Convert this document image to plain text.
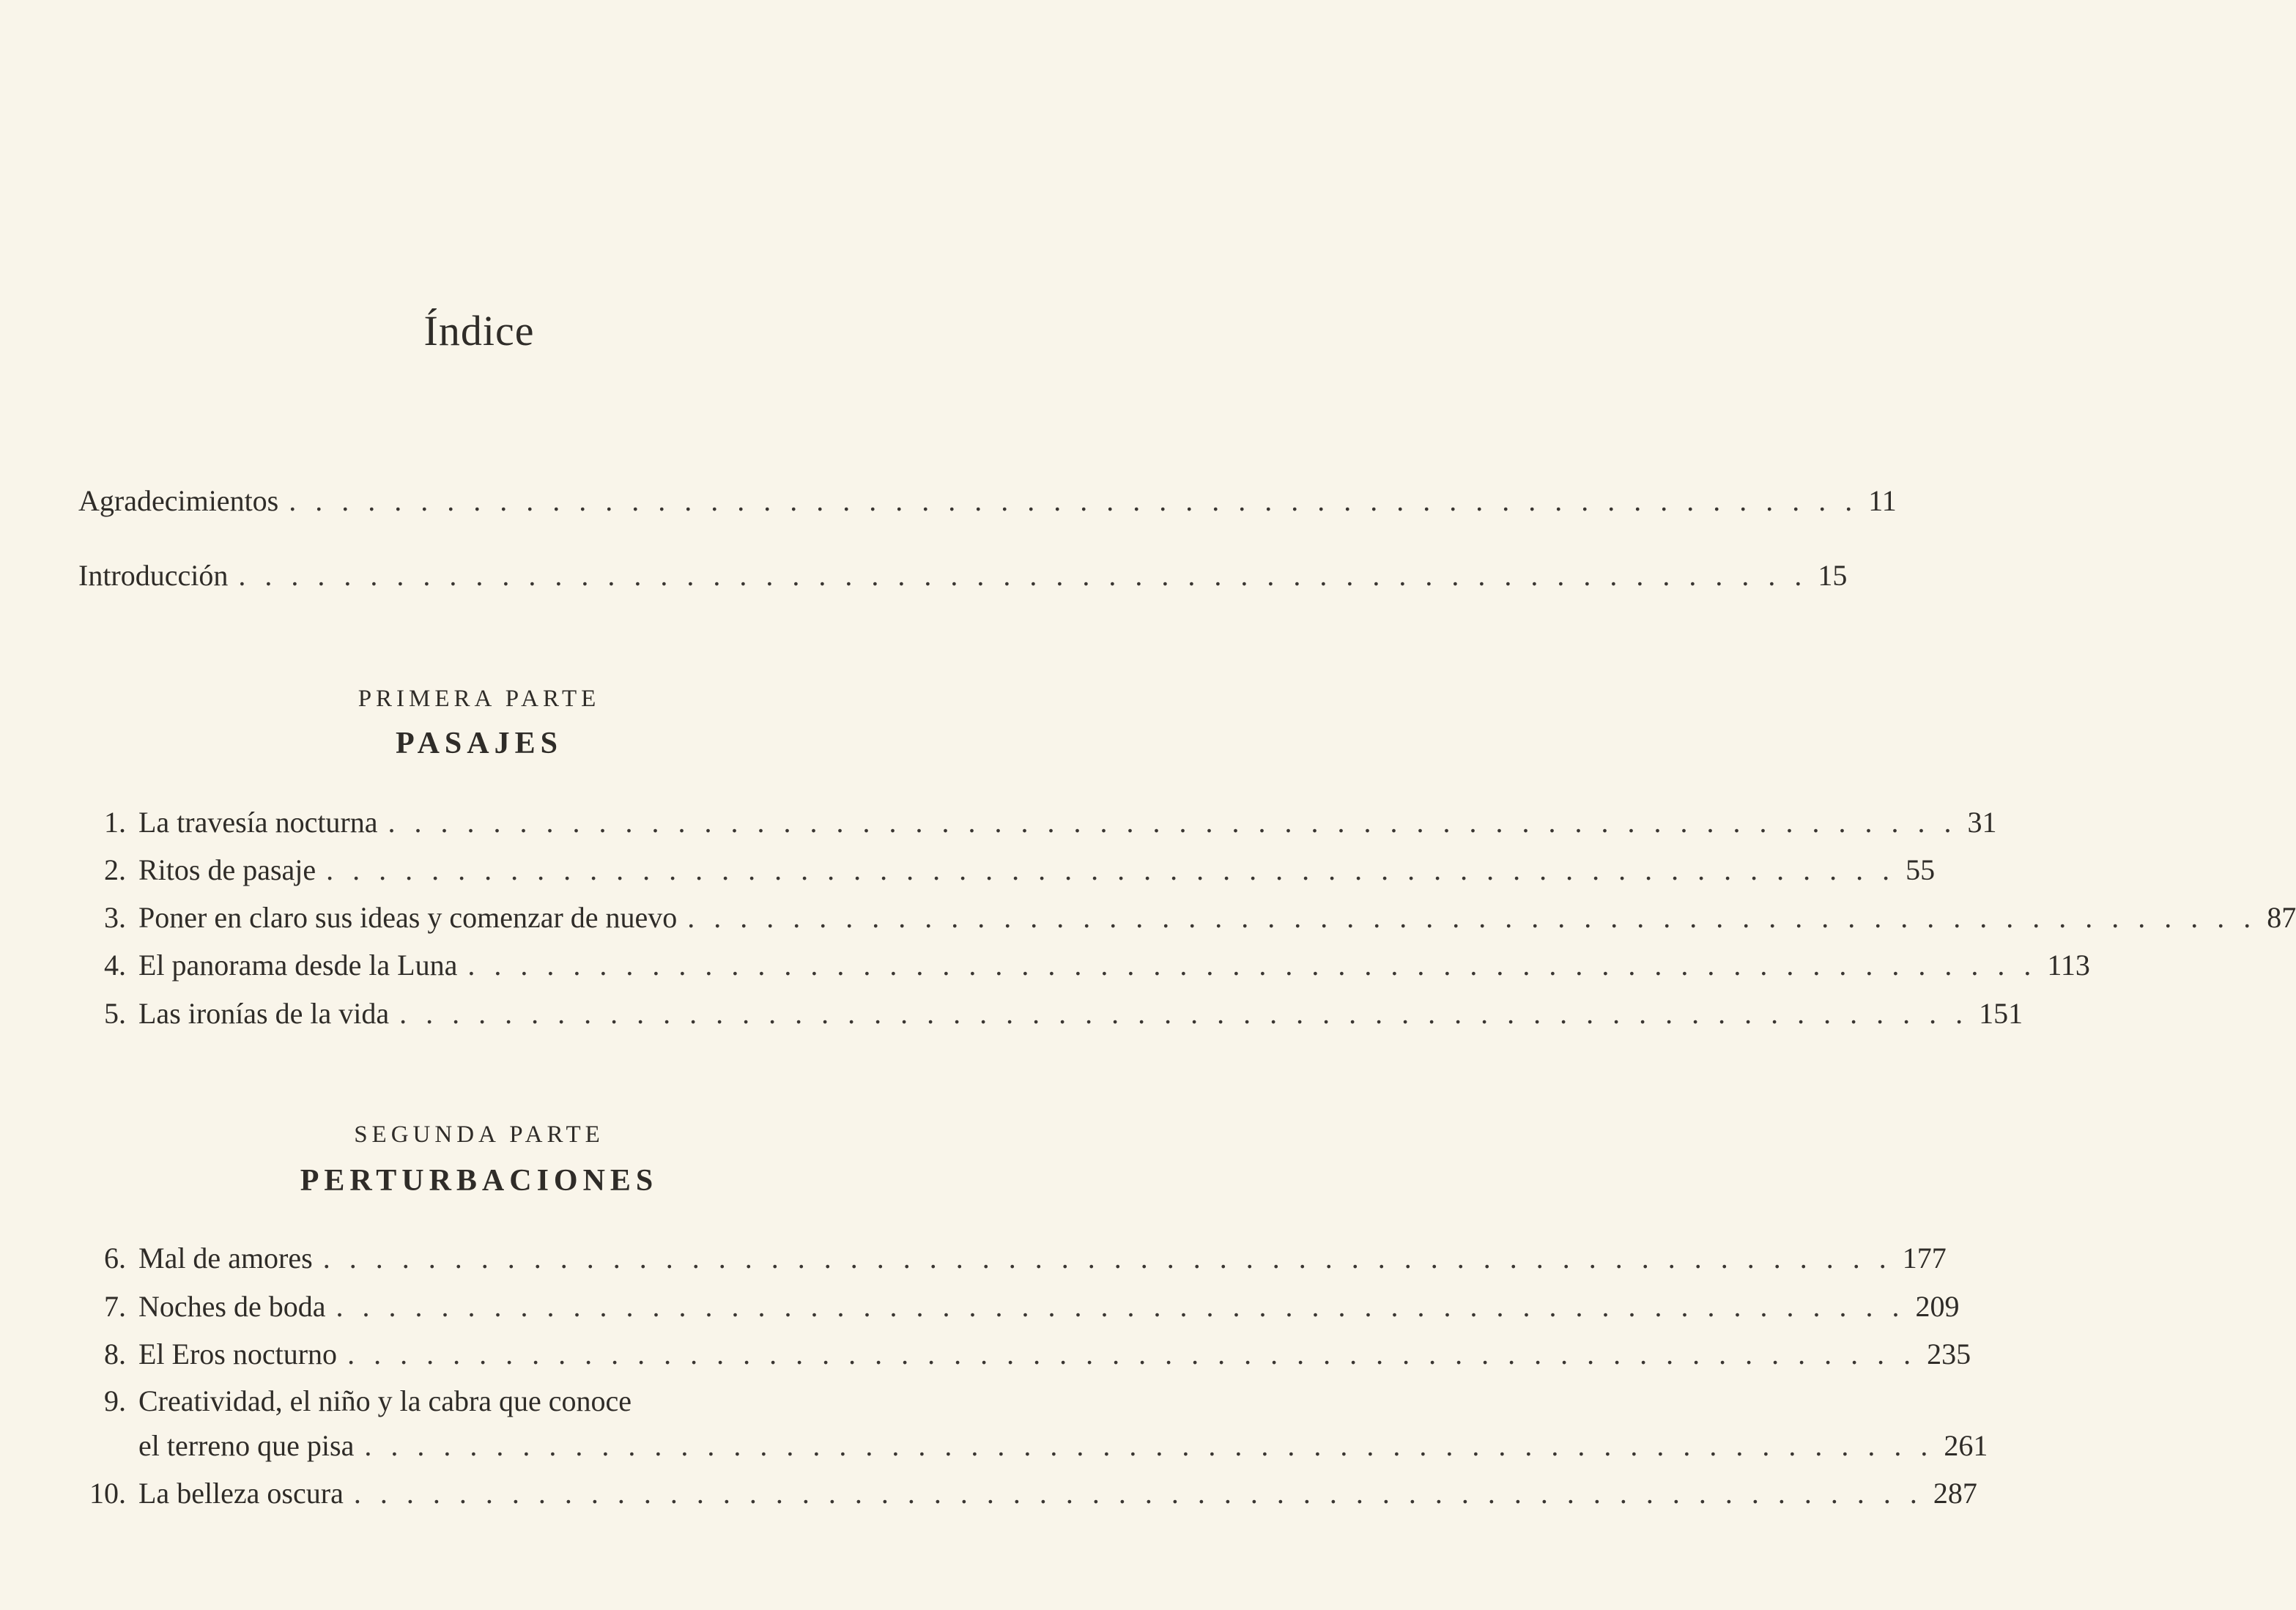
Índice
Agradecimientos . . . . . . . . . . . . . . . . . . . . . . . . . . . . . . . . . . . . . . . . . . . . . . . . . . . . . . . . . . . . 11
Introducción . . . . . . . . . . . . . . . . . . . . . . . . . . . . . . . . . . . . . . . . . . . . . . . . . . . . . . . . . . . . 15
PRIMERA PARTE
PASAJES
1. La travesía nocturna . . . . . . . . . . . . . . . . . . . . . . . . . . . . . . . . . . . . . . . . . . . . . . . . . . . . . . . . . . . . 31
2. Ritos de pasaje . . . . . . . . . . . . . . . . . . . . . . . . . . . . . . . . . . . . . . . . . . . . . . . . . . . . . . . . . . . . 55
3. Poner en claro sus ideas y comenzar de nuevo . . . . . . . . . . . . . . . . . . . . . . . . . . . . . . . . . . . . . . . . . . . . . . . . . . . . . . . . . . . . 87
4. El panorama desde la Luna . . . . . . . . . . . . . . . . . . . . . . . . . . . . . . . . . . . . . . . . . . . . . . . . . . . . . . . . . . . . 113
5. Las ironías de la vida . . . . . . . . . . . . . . . . . . . . . . . . . . . . . . . . . . . . . . . . . . . . . . . . . . . . . . . . . . . . 151
SEGUNDA PARTE
PERTURBACIONES
6. Mal de amores . . . . . . . . . . . . . . . . . . . . . . . . . . . . . . . . . . . . . . . . . . . . . . . . . . . . . . . . . . . . 177
7. Noches de boda . . . . . . . . . . . . . . . . . . . . . . . . . . . . . . . . . . . . . . . . . . . . . . . . . . . . . . . . . . . . 209
8. El Eros nocturno . . . . . . . . . . . . . . . . . . . . . . . . . . . . . . . . . . . . . . . . . . . . . . . . . . . . . . . . . . . . 235
9. Creatividad, el niño y la cabra que conoce
el terreno que pisa . . . . . . . . . . . . . . . . . . . . . . . . . . . . . . . . . . . . . . . . . . . . . . . . . . . . . . . . . . . . 261
10. La belleza oscura . . . . . . . . . . . . . . . . . . . . . . . . . . . . . . . . . . . . . . . . . . . . . . . . . . . . . . . . . . . . 287
